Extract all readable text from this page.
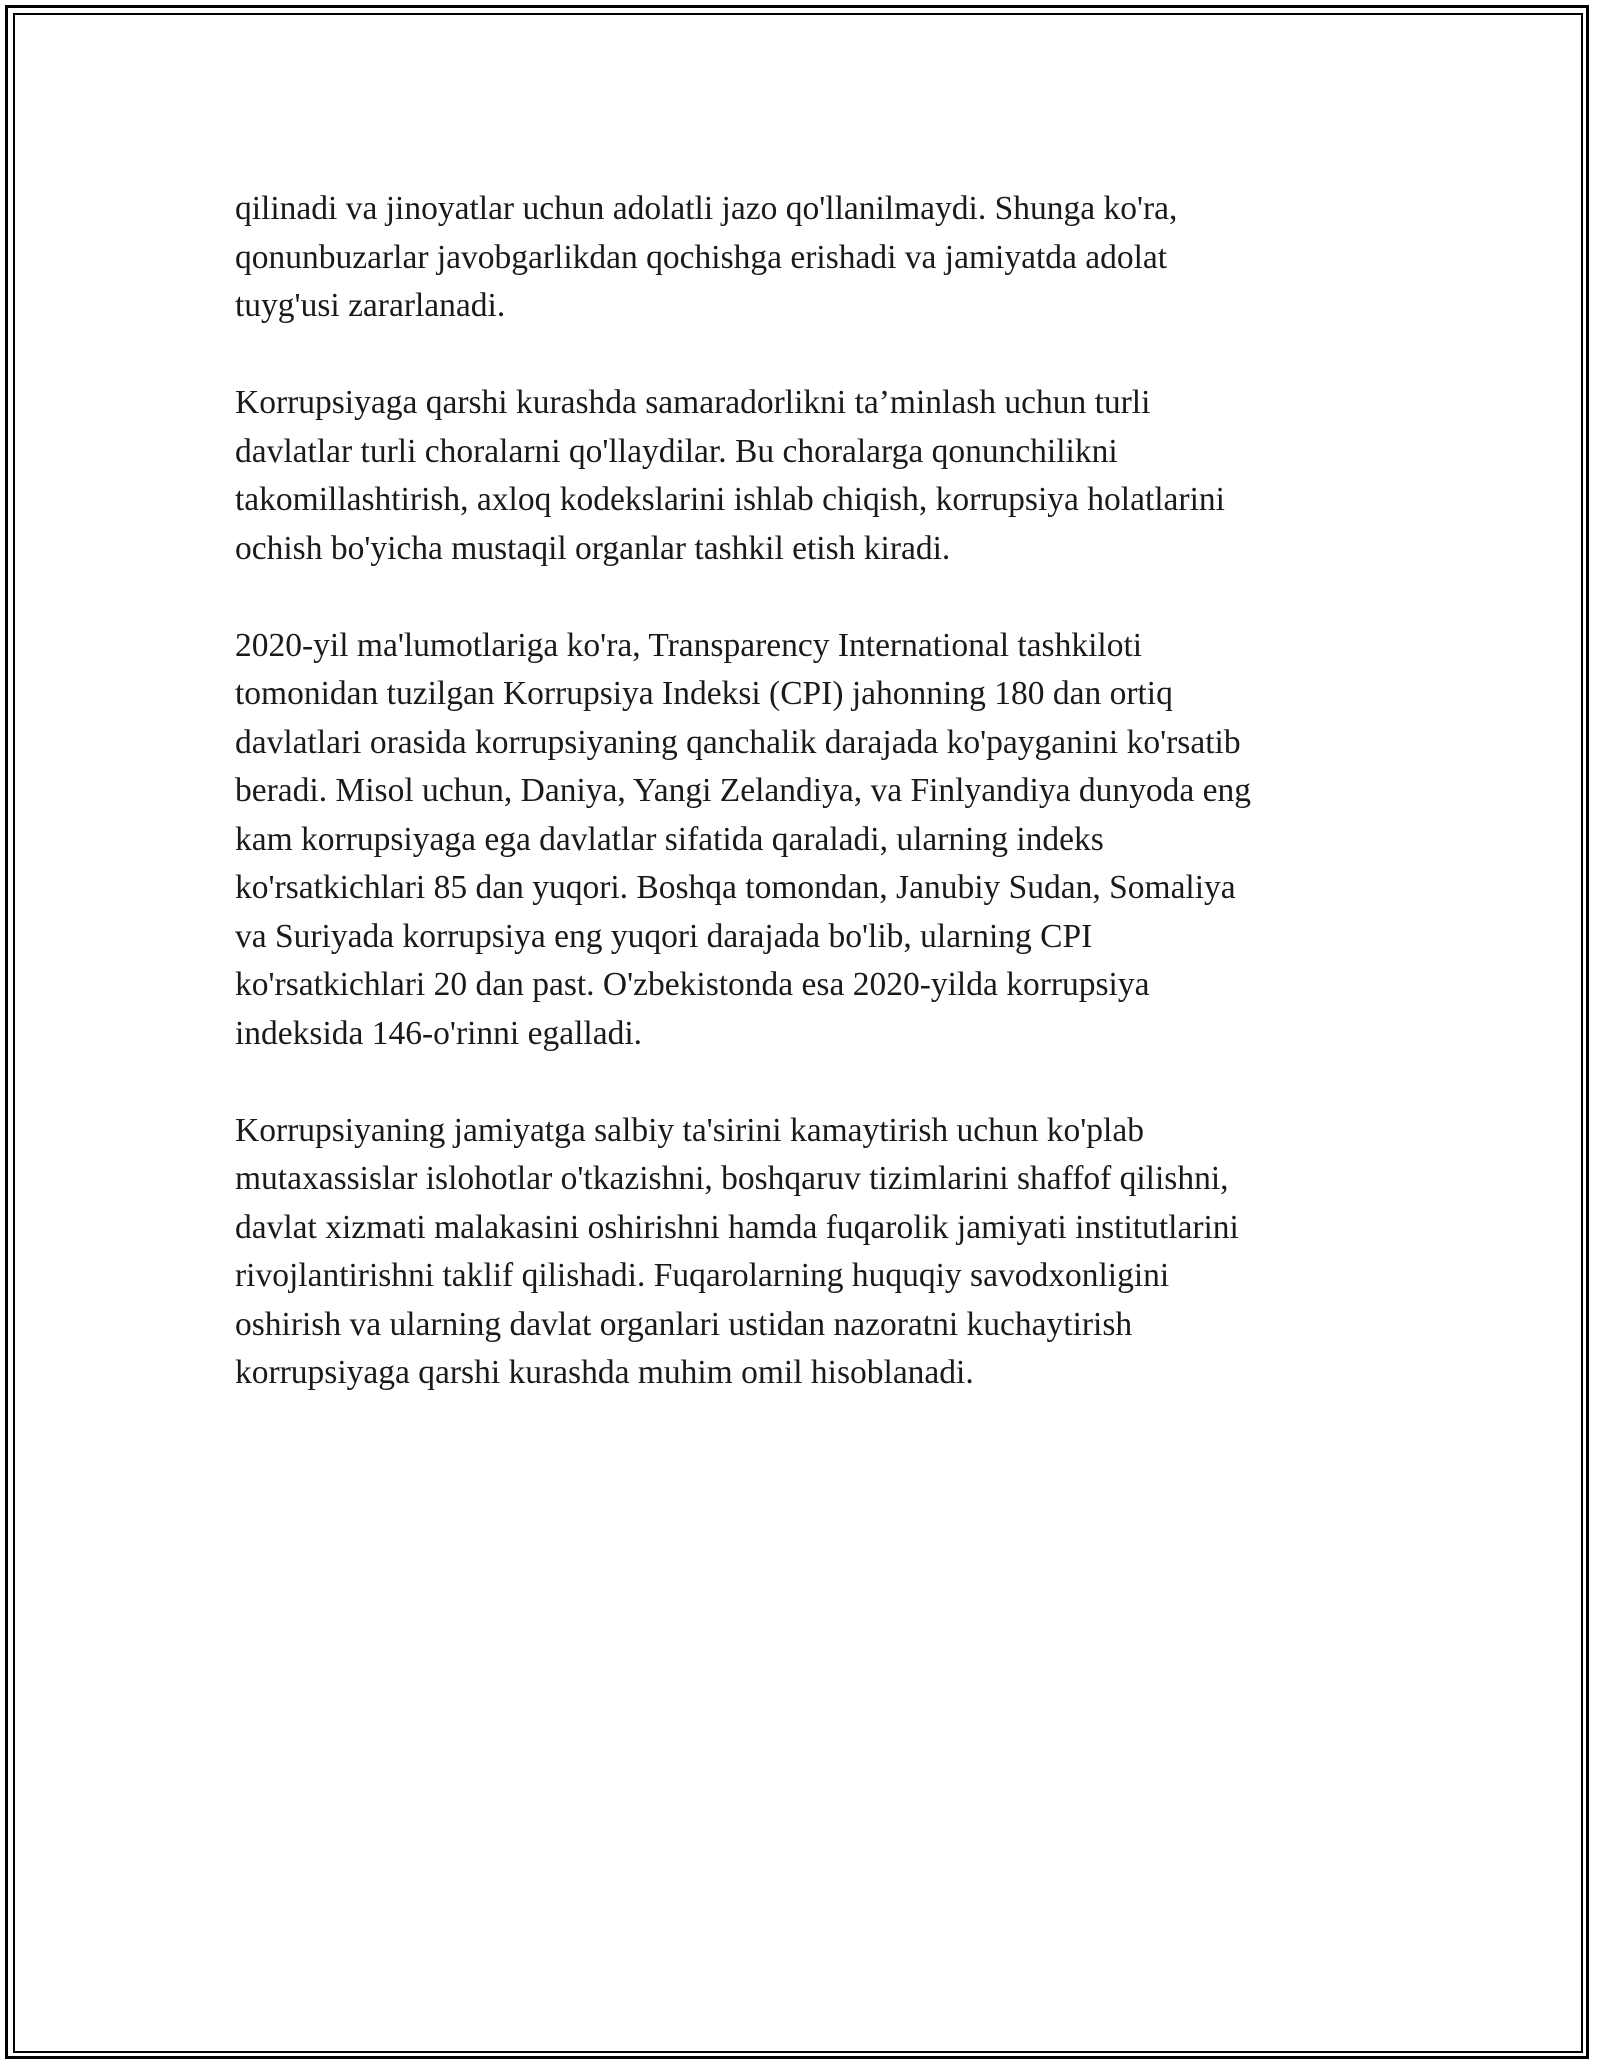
qilinadi va jinoyatlar uchun adolatli jazo qo'llanilmaydi. Shunga ko'ra,
qonunbuzarlar javobgarlikdan qochishga erishadi va jamiyatda adolat
tuyg'usi zararlanadi.

Korrupsiyaga qarshi kurashda samaradorlikni ta’minlash uchun turli
davlatlar turli choralarni qo'llaydilar. Bu choralarga qonunchilikni
takomillashtirish, axloq kodekslarini ishlab chiqish, korrupsiya holatlarini
ochish bo'yicha mustaqil organlar tashkil etish kiradi.

2020-yil ma'lumotlariga ko'ra, Transparency International tashkiloti
tomonidan tuzilgan Korrupsiya Indeksi (CPI) jahonning 180 dan ortiq
davlatlari orasida korrupsiyaning qanchalik darajada ko'payganini ko'rsatib
beradi. Misol uchun, Daniya, Yangi Zelandiya, va Finlyandiya dunyoda eng
kam korrupsiyaga ega davlatlar sifatida qaraladi, ularning indeks
ko'rsatkichlari 85 dan yuqori. Boshqa tomondan, Janubiy Sudan, Somaliya
va Suriyada korrupsiya eng yuqori darajada bo'lib, ularning CPI
ko'rsatkichlari 20 dan past. O'zbekistonda esa 2020-yilda korrupsiya
indeksida 146-o'rinni egalladi.

Korrupsiyaning jamiyatga salbiy ta'sirini kamaytirish uchun ko'plab
mutaxassislar islohotlar o'tkazishni, boshqaruv tizimlarini shaffof qilishni,
davlat xizmati malakasini oshirishni hamda fuqarolik jamiyati institutlarini
rivojlantirishni taklif qilishadi. Fuqarolarning huquqiy savodxonligini
oshirish va ularning davlat organlari ustidan nazoratni kuchaytirish
korrupsiyaga qarshi kurashda muhim omil hisoblanadi.
